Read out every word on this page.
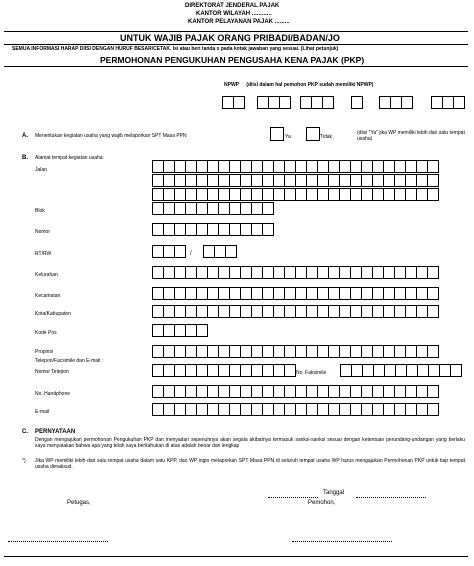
DIREKTORAT JENDERAL PAJAK
KANTOR WILAYAH ............
KANTOR PELAYANAN PAJAK .........
UNTUK WAJIB PAJAK ORANG PRIBADI/BADAN/JO
SEMUA INFORMASI HARAP DIISI DENGAN HURUF BESAR/CETAK. Isi atau beri tanda x pada kotak jawaban yang sesuai. (Lihat petunjuk)
PERMOHONAN PENGUKUHAN PENGUSAHA KENA PAJAK (PKP)
NPWP (diisi dalam hal pemohon PKP sudah memiliki NPWP)
A. Menentukan kegiatan usaha yang wajib melaporkan SPT Masa PPN	Ya	Tidak
(diisi "Ya" jika WP memiliki lebih dari satu tempat usaha)
B. Alamat tempat kegiatan usaha:
Jalan
Blok
Nomor
RT/RW	/
Kelurahan
Kecamatan
Kota/Kabupaten
Kode Pos
Propinsi
Telepon/Facsimile dan E-mail :
Nomor Telepon	No. Faksimile
No. Handphone
E-mail
C. PERNYATAAN
Dengan mengajukan permohonan Pengukuhan PKP dan menyadari sepenuhnya akan segala akibatnya termasuk sanksi-sanksi sesuai dengan ketentuan perundang-undangan yang berlaku saya menyatakan bahwa apa yang telah saya beritahukan di atas adalah benar dan lengkap
*) Jika WP memiliki lebih dari satu tempat usaha dalam satu KPP, dan WP ingin melaporkan SPT Masa PPN di seluruh tempat usaha WP harus mengajukan Permohonan PKP untuk tiap tempat usaha dimaksud.
Tanggal
Petugas,	Pemohon,
